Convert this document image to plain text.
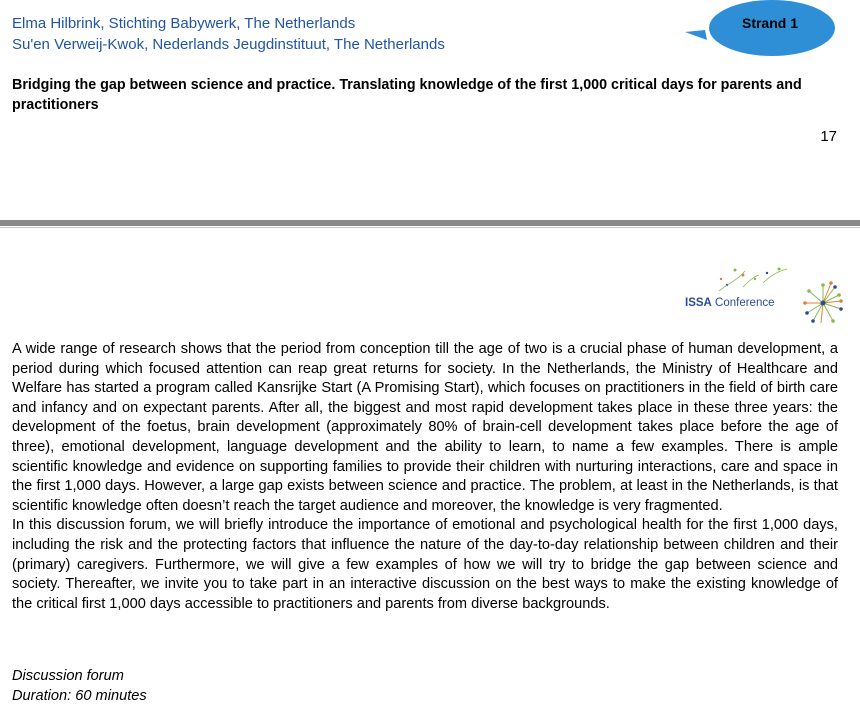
Elma Hilbrink, Stichting Babywerk, The Netherlands
Su'en Verweij-Kwok, Nederlands Jeugdinstituut, The Netherlands
Strand 1
Bridging the gap between science and practice. Translating knowledge of the first 1,000 critical days for parents and practitioners
17
ISSA Conference

A wide range of research shows that the period from conception till the age of two is a crucial phase of human development, a period during which focused attention can reap great returns for society. In the Netherlands, the Ministry of Healthcare and Welfare has started a program called Kansrijke Start (A Promising Start), which focuses on practitioners in the field of birth care and infancy and on expectant parents. After all, the biggest and most rapid development takes place in these three years: the development of the foetus, brain development (approximately 80% of brain-cell development takes place before the age of three), emotional development, language development and the ability to learn, to name a few examples. There is ample scientific knowledge and evidence on supporting families to provide their children with nurturing interactions, care and space in the first 1,000 days. However, a large gap exists between science and practice. The problem, at least in the Netherlands, is that scientific knowledge often doesn’t reach the target audience and moreover, the knowledge is very fragmented.

In this discussion forum, we will briefly introduce the importance of emotional and psychological health for the first 1,000 days, including the risk and the protecting factors that influence the nature of the day-to-day relationship between children and their (primary) caregivers. Furthermore, we will give a few examples of how we will try to bridge the gap between science and society. Thereafter, we invite you to take part in an interactive discussion on the best ways to make the existing knowledge of the critical first 1,000 days accessible to practitioners and parents from diverse backgrounds.

Discussion forum
Duration: 60 minutes
